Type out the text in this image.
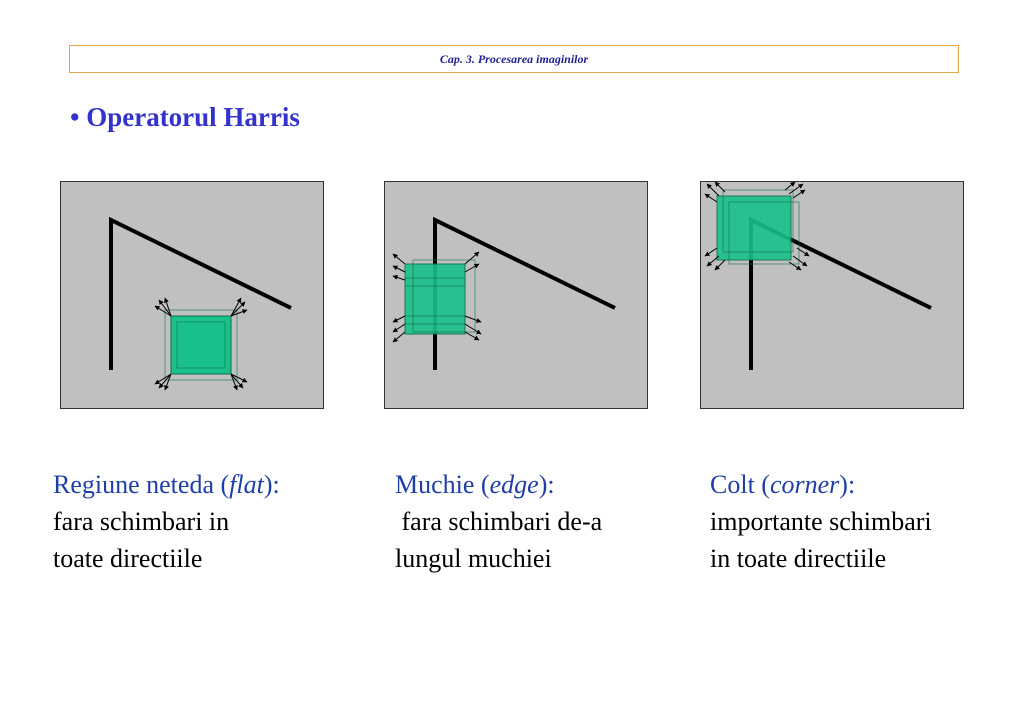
Cap. 3. Procesarea imaginilor
• Operatorul Harris
Regiune neteda (flat):
fara schimbari in
toate directiile
Muchie (edge):
fara schimbari de-a
lungul muchiei
Colt (corner):
importante schimbari
in toate directiile
